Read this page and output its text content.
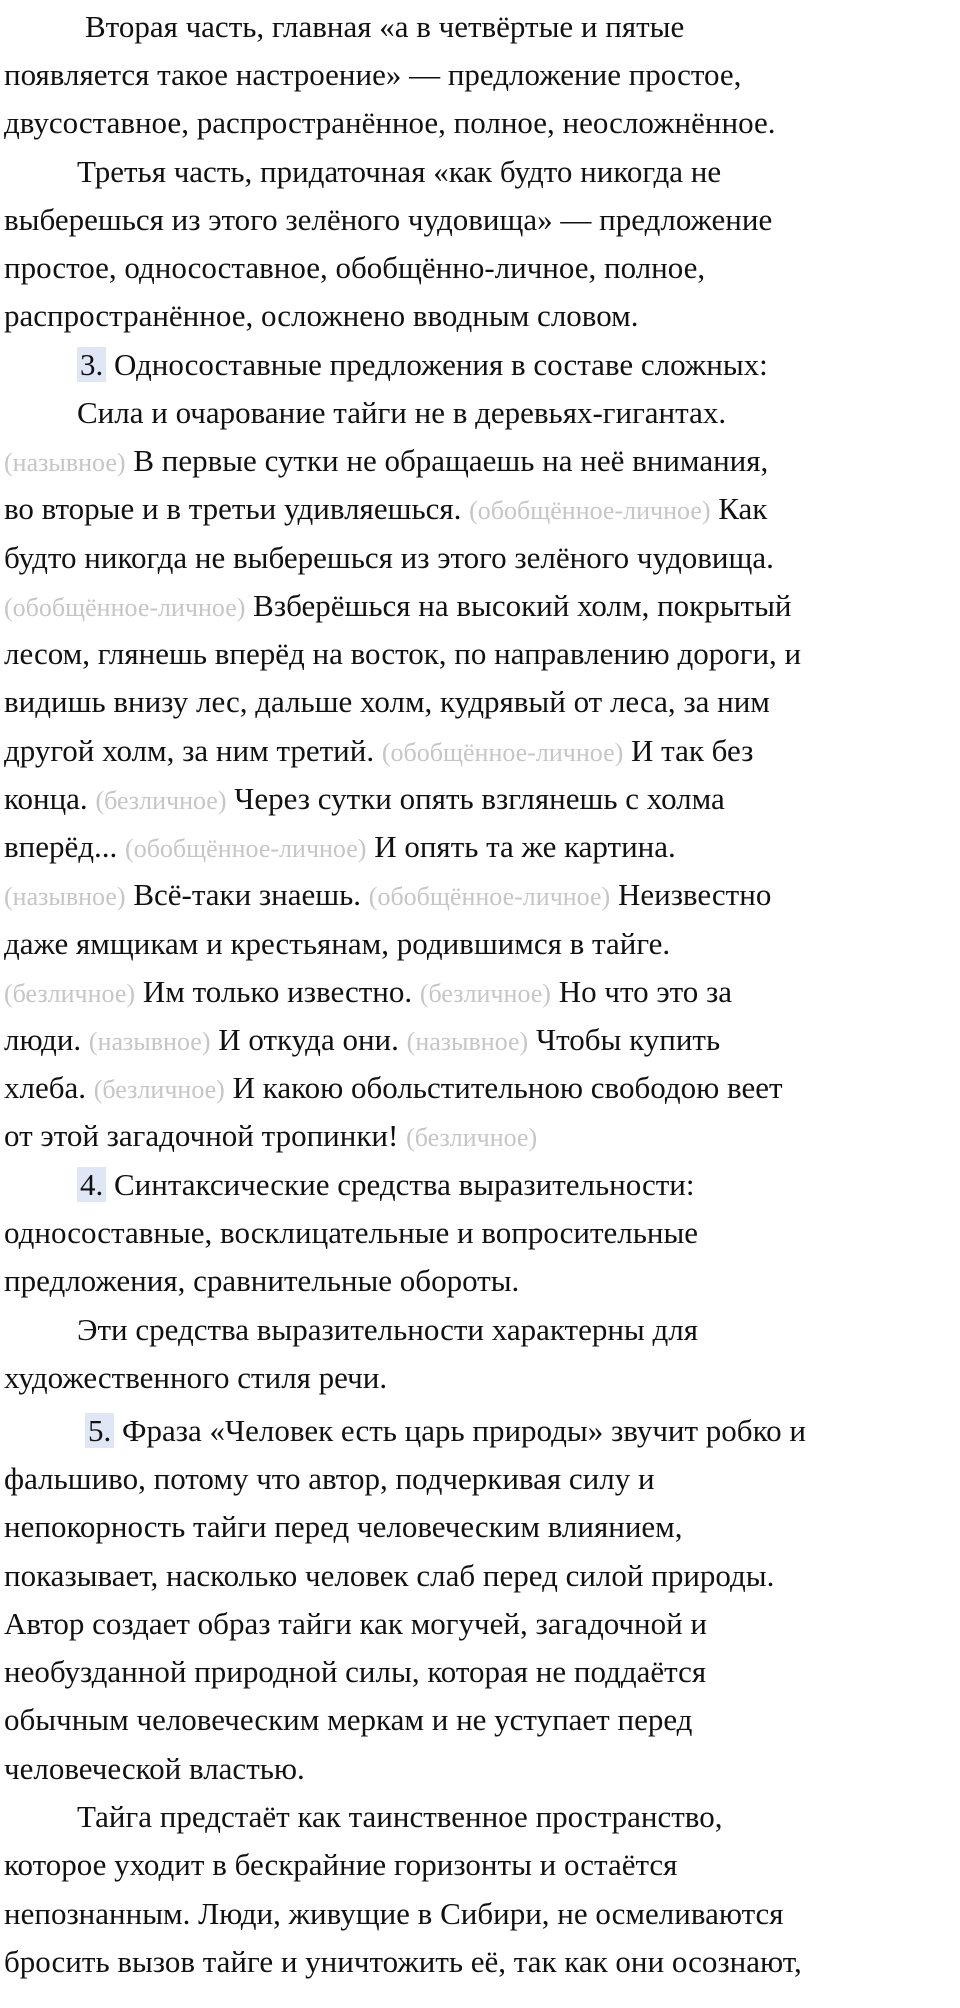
Вторая часть, главная «а в четвёртые и пятые
появляется такое настроение» — предложение простое,
двусоставное, распространённое, полное, неосложнённое.
Третья часть, придаточная «как будто никогда не
выберешься из этого зелёного чудовища» — предложение
простое, односоставное, обобщённо-личное, полное,
распространённое, осложнено вводным словом.
3. Односоставные предложения в составе сложных:
Сила и очарование тайги не в деревьях-гигантах.
(назывное) В первые сутки не обращаешь на неё внимания,
во вторые и в третьи удивляешься. (обобщённое-личное) Как
будто никогда не выберешься из этого зелёного чудовища.
(обобщённое-личное) Взберёшься на высокий холм, покрытый
лесом, глянешь вперёд на восток, по направлению дороги, и
видишь внизу лес, дальше холм, кудрявый от леса, за ним
другой холм, за ним третий. (обобщённое-личное) И так без
конца. (безличное) Через сутки опять взглянешь с холма
вперёд... (обобщённое-личное) И опять та же картина.
(назывное) Всё-таки знаешь. (обобщённое-личное) Неизвестно
даже ямщикам и крестьянам, родившимся в тайге.
(безличное) Им только известно. (безличное) Но что это за
люди. (назывное) И откуда они. (назывное) Чтобы купить
хлеба. (безличное) И какою обольстительною свободою веет
от этой загадочной тропинки! (безличное)
4. Синтаксические средства выразительности:
односоставные, восклицательные и вопросительные
предложения, сравнительные обороты.
Эти средства выразительности характерны для
художественного стиля речи.
5. Фраза «Человек есть царь природы» звучит робко и
фальшиво, потому что автор, подчеркивая силу и
непокорность тайги перед человеческим влиянием,
показывает, насколько человек слаб перед силой природы.
Автор создает образ тайги как могучей, загадочной и
необузданной природной силы, которая не поддаётся
обычным человеческим меркам и не уступает перед
человеческой властью.
Тайга предстаёт как таинственное пространство,
которое уходит в бескрайние горизонты и остаётся
непознанным. Люди, живущие в Сибири, не осмеливаются
бросить вызов тайге и уничтожить её, так как они осознают,
